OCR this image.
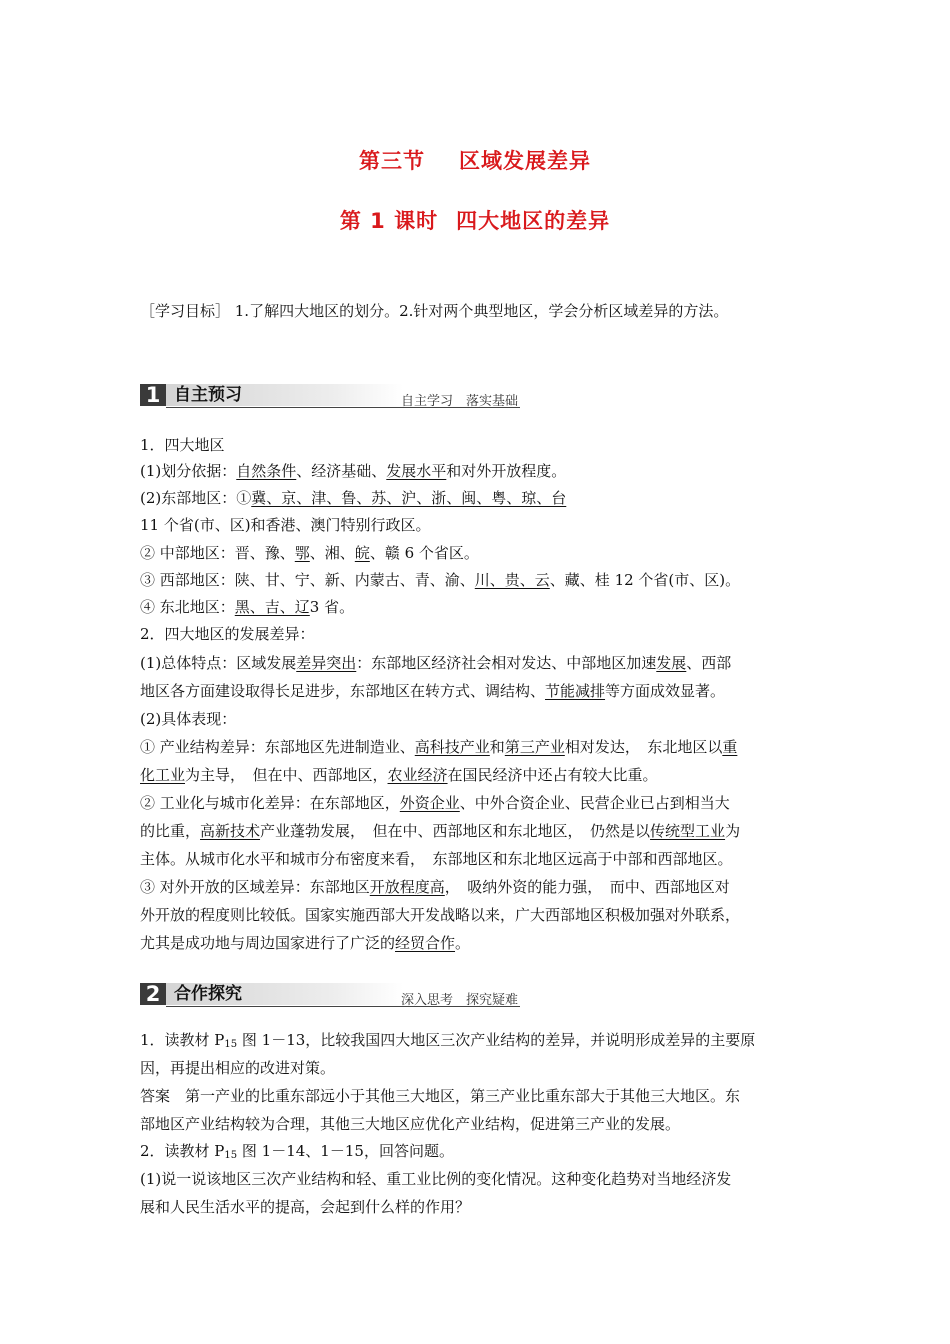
第三节 区域发展差异
第 1 课时 四大地区的差异
［学习目标］ 1.了解四大地区的划分。2.针对两个典型地区，学会分析区域差异的方法。
1 自主预习	自主学习　落实基础
1．四大地区
(1)划分依据：自然条件、经济基础、发展水平和对外开放程度。
(2)东部地区：①冀、京、津、鲁、苏、沪、浙、闽、粤、琼、台
11 个省(市、区)和香港、澳门特别行政区。
② 中部地区：晋、豫、鄂、湘、皖、赣 6 个省区。
③ 西部地区：陕、甘、宁、新、内蒙古、青、渝、川、贵、云、藏、桂 12 个省(市、区)。
④ 东北地区：黑、吉、辽3 省。
2．四大地区的发展差异：
(1)总体特点：区域发展差异突出：东部地区经济社会相对发达、中部地区加速发展、西部
地区各方面建设取得长足进步，东部地区在转方式、调结构、节能减排等方面成效显著。
(2)具体表现：
① 产业结构差异：东部地区先进制造业、高科技产业和第三产业相对发达，　东北地区以重
化工业为主导，　但在中、西部地区，农业经济在国民经济中还占有较大比重。
② 工业化与城市化差异：在东部地区，外资企业、中外合资企业、民营企业已占到相当大
的比重，高新技术产业蓬勃发展，　但在中、西部地区和东北地区，　仍然是以传统型工业为
主体。从城市化水平和城市分布密度来看，　东部地区和东北地区远高于中部和西部地区。
③ 对外开放的区域差异：东部地区开放程度高，　吸纳外资的能力强，　而中、西部地区对
外开放的程度则比较低。国家实施西部大开发战略以来，广大西部地区积极加强对外联系，
尤其是成功地与周边国家进行了广泛的经贸合作。
2 合作探究	深入思考　探究疑难
1．读教材 $P_{15}$ 图 1－13，比较我国四大地区三次产业结构的差异，并说明形成差异的主要原
因，再提出相应的改进对策。
答案　第一产业的比重东部远小于其他三大地区，第三产业比重东部大于其他三大地区。东
部地区产业结构较为合理，其他三大地区应优化产业结构，促进第三产业的发展。
2．读教材 $P_{15}$ 图 1－14、1－15，回答问题。
(1)说一说该地区三次产业结构和轻、重工业比例的变化情况。这种变化趋势对当地经济发
展和人民生活水平的提高，会起到什么样的作用？
